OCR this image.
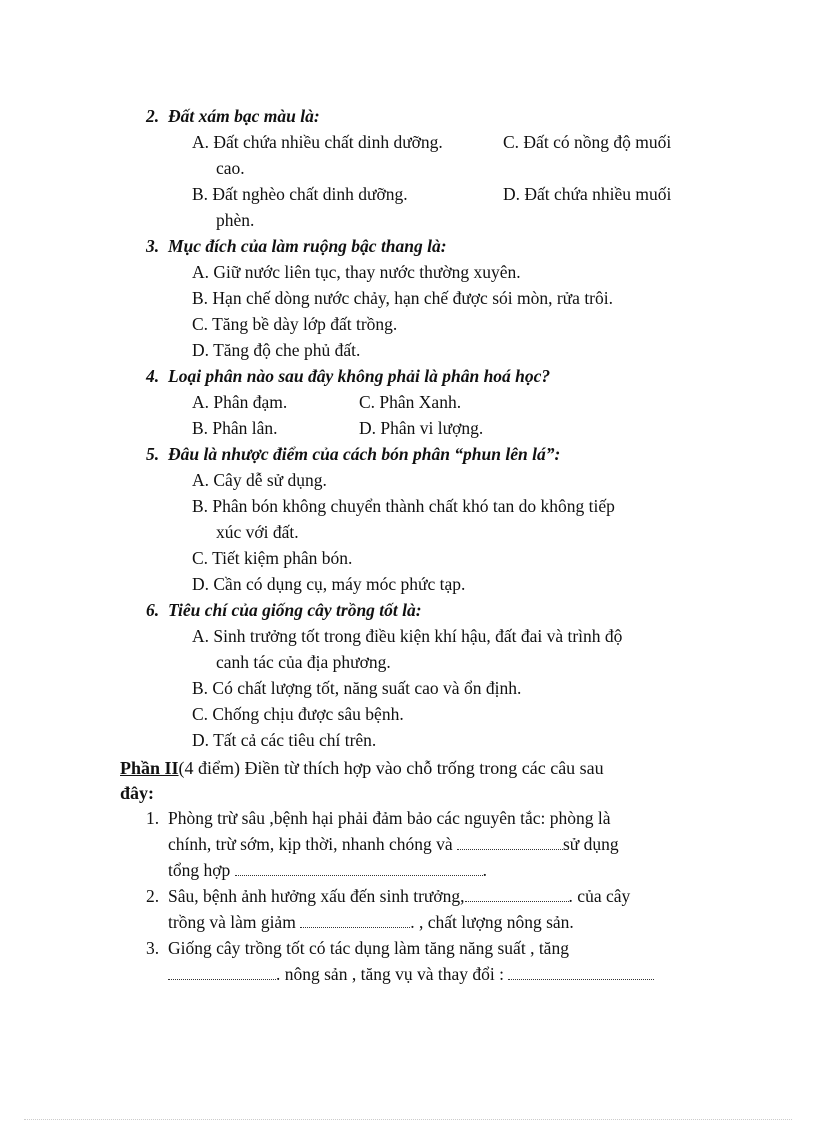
2. Đất xám bạc màu là:
A. Đất chứa nhiều chất dinh dưỡng.	C. Đất có nồng độ muối
cao.
B. Đất nghèo chất dinh dưỡng.	D. Đất chứa nhiều muối
phèn.
3. Mục đích của làm ruộng bậc thang là:
A. Giữ nước liên tục, thay nước thường xuyên.
B. Hạn chế dòng nước chảy, hạn chế được sói mòn, rửa trôi.
C. Tăng bề dày lớp đất trồng.
D. Tăng độ che phủ đất.
4. Loại phân nào sau đây không phải là phân hoá học?
A. Phân đạm.	C. Phân Xanh.
B. Phân lân.	D. Phân vi lượng.
5. Đâu là nhược điểm của cách bón phân “phun lên lá”:
A. Cây dễ sử dụng.
B. Phân bón không chuyển thành chất khó tan do không tiếp
xúc với đất.
C. Tiết kiệm phân bón.
D. Cần có dụng cụ, máy móc phức tạp.
6. Tiêu chí của giống cây trồng tốt là:
A. Sinh trưởng tốt trong điều kiện khí hậu, đất đai và trình độ
canh tác của địa phương.
B. Có chất lượng tốt, năng suất cao và ổn định.
C. Chống chịu được sâu bệnh.
D. Tất cả các tiêu chí trên.
Phần II(4 điểm) Điền từ thích hợp vào chỗ trống trong các câu sau
đây:
1. Phòng trừ sâu ,bệnh hại phải đảm bảo các nguyên tắc: phòng là
chính, trừ sớm, kịp thời, nhanh chóng và	sử dụng
tổng hợp	.
2. Sâu, bệnh ảnh hưởng xấu đến sinh trưởng,	. của cây
trồng và làm giảm	. , chất lượng nông sản.
3. Giống cây trồng tốt có tác dụng làm tăng năng suất , tăng
. nông sản , tăng vụ và thay đổi :
